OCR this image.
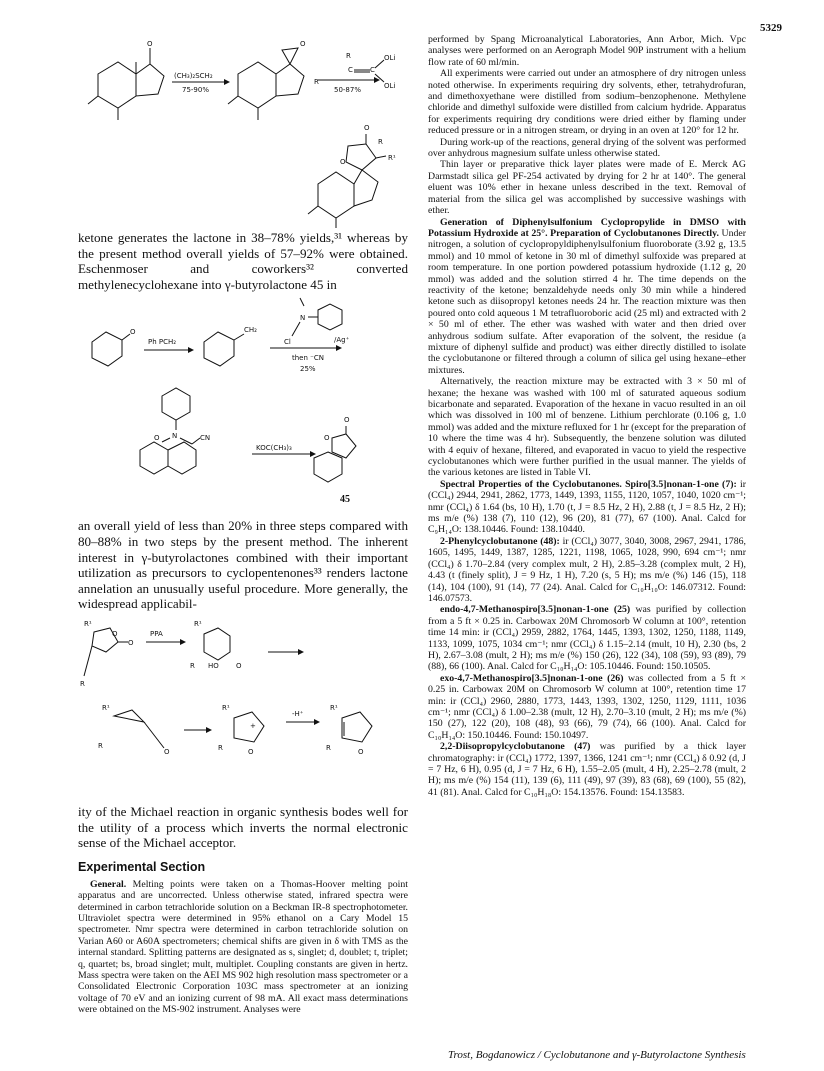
5329
O
(CH₃)₂SCH₂
75-90%
O
R
C C
OLi
OLi
R
50-87%
O
O
R
R¹

ketone generates the lactone in 38–78% yields,³¹ whereas by the present method overall yields of 57–92% were obtained. Eschenmoser and coworkers³² converted methylenecyclohexane into γ-butyrolactone 45 in

O
Ph PCH₂
CH₂
N
Cl	/Ag⁺
then ⁻CN
25%
N	CN
O
KOC(CH₃)₃
O
O
45

an overall yield of less than 20% in three steps compared with 80–88% in two steps by the present method. The inherent interest in γ-butyrolactones combined with their important utilization as precursors to cyclopentenones³³ renders lactone annelation an unusually useful procedure. More generally, the widespread applicabil-

R¹
O
O
R
PPA
R¹
R HO O
R¹
O
R
R¹
+
R	O
-H⁺
R¹
R	O

ity of the Michael reaction in organic synthesis bodes well for the utility of a process which inverts the normal electronic sense of the Michael acceptor.

Experimental Section

General. Melting points were taken on a Thomas-Hoover melting point apparatus and are uncorrected. Unless otherwise stated, infrared spectra were determined in carbon tetrachloride solution on a Beckman IR-8 spectrophotometer. Ultraviolet spectra were determined in 95% ethanol on a Cary Model 15 spectrometer. Nmr spectra were determined in carbon tetrachloride solution on Varian A60 or A60A spectrometers; chemical shifts are given in δ with TMS as the internal standard. Splitting patterns are designated as s, singlet; d, doublet; t, triplet; q, quartet; bs, broad singlet; mult, multiplet. Coupling constants are given in hertz. Mass spectra were taken on the AEI MS 902 high resolution mass spectrometer or a Consolidated Electronic Corporation 103C mass spectrometer at an ionizing voltage of 70 eV and an ionizing current of 98 mA. All exact mass determinations were obtained on the MS-902 instrument. Analyses were

performed by Spang Microanalytical Laboratories, Ann Arbor, Mich. Vpc analyses were performed on an Aerograph Model 90P instrument with a helium flow rate of 60 ml/min.

All experiments were carried out under an atmosphere of dry nitrogen unless noted otherwise. In experiments requiring dry solvents, ether, tetrahydrofuran, and dimethoxyethane were distilled from sodium–benzophenone. Methylene chloride and dimethyl sulfoxide were distilled from calcium hydride. Apparatus for experiments requiring dry conditions were dried either by flaming under reduced pressure or in a nitrogen stream, or drying in an oven at 120° for 12 hr.

During work-up of the reactions, general drying of the solvent was performed over anhydrous magnesium sulfate unless otherwise stated.

Thin layer or preparative thick layer plates were made of E. Merck AG Darmstadt silica gel PF-254 activated by drying for 2 hr at 140°. The general eluent was 10% ether in hexane unless described in the text. Removal of material from the silica gel was accomplished by successive washings with ether.

Generation of Diphenylsulfonium Cyclopropylide in DMSO with Potassium Hydroxide at 25°. Preparation of Cyclobutanones Directly. Under nitrogen, a solution of cyclopropyldiphenylsulfonium fluoroborate (3.92 g, 13.5 mmol) and 10 mmol of ketone in 30 ml of dimethyl sulfoxide was prepared at room temperature. In one portion powdered potassium hydroxide (1.12 g, 20 mmol) was added and the solution stirred 4 hr. The time depends on the reactivity of the ketone; benzaldehyde needs only 30 min while a hindered ketone such as diisopropyl ketones needs 24 hr. The reaction mixture was then poured onto cold aqueous 1 M tetrafluoroboric acid (25 ml) and extracted with 2 × 50 ml of ether. The ether was washed with water and then dried over anhydrous sodium sulfate. After evaporation of the solvent, the residue (a mixture of diphenyl sulfide and product) was either directly distilled to isolate the cyclobutanone or filtered through a column of silica gel using hexane–ether mixtures.

Alternatively, the reaction mixture may be extracted with 3 × 50 ml of hexane; the hexane was washed with 100 ml of saturated aqueous sodium bicarbonate and separated. Evaporation of the hexane in vacuo resulted in an oil which was dissolved in 100 ml of benzene. Lithium perchlorate (0.106 g, 1.0 mmol) was added and the mixture refluxed for 1 hr (except for the preparation of 10 where the time was 4 hr). Subsequently, the benzene solution was diluted with 4 equiv of hexane, filtered, and evaporated in vacuo to yield the respective cyclobutanones which were further purified in the usual manner. The yields of the various ketones are listed in Table VI.

Spectral Properties of the Cyclobutanones. Spiro[3.5]nonan-1-one (7): ir (CCl₄) 2944, 2941, 2862, 1773, 1449, 1393, 1155, 1120, 1057, 1040, 1020 cm⁻¹; nmr (CCl₄) δ 1.64 (bs, 10 H), 1.70 (t, J = 8.5 Hz, 2 H), 2.88 (t, J = 8.5 Hz, 2 H); ms m/e (%) 138 (7), 110 (12), 96 (20), 81 (77), 67 (100). Anal. Calcd for C₉H₁₄O: 138.10446. Found: 138.10440.

2-Phenylcyclobutanone (48): ir (CCl₄) 3077, 3040, 3008, 2967, 2941, 1786, 1605, 1495, 1449, 1387, 1285, 1221, 1198, 1065, 1028, 990, 694 cm⁻¹; nmr (CCl₄) δ 1.70–2.84 (very complex mult, 2 H), 2.85–3.28 (complex mult, 2 H), 4.43 (t (finely split), J = 9 Hz, 1 H), 7.20 (s, 5 H); ms m/e (%) 146 (15), 118 (14), 104 (100), 91 (14), 77 (24). Anal. Calcd for C₁₀H₁₀O: 146.07312. Found: 146.07573.

endo-4,7-Methanospiro[3.5]nonan-1-one (25) was purified by collection from a 5 ft × 0.25 in. Carbowax 20M Chromosorb W column at 100°, retention time 14 min: ir (CCl₄) 2959, 2882, 1764, 1445, 1393, 1302, 1250, 1188, 1149, 1133, 1099, 1075, 1034 cm⁻¹; nmr (CCl₄) δ 1.15–2.14 (mult, 10 H), 2.30 (bs, 2 H), 2.67–3.08 (mult, 2 H); ms m/e (%) 150 (26), 122 (34), 108 (59), 93 (89), 79 (88), 66 (100). Anal. Calcd for C₁₀H₁₄O: 105.10446. Found: 150.10505.

exo-4,7-Methanospiro[3.5]nonan-1-one (26) was collected from a 5 ft × 0.25 in. Carbowax 20M on Chromosorb W column at 100°, retention time 17 min: ir (CCl₄) 2960, 2880, 1773, 1443, 1393, 1302, 1250, 1129, 1111, 1036 cm⁻¹; nmr (CCl₄) δ 1.00–2.38 (mult, 12 H), 2.70–3.10 (mult, 2 H); ms m/e (%) 150 (27), 122 (20), 108 (48), 93 (66), 79 (74), 66 (100). Anal. Calcd for C₁₀H₁₄O: 150.10446. Found: 150.10497.

2,2-Diisopropylcyclobutanone (47) was purified by a thick layer chromatography: ir (CCl₄) 1772, 1397, 1366, 1241 cm⁻¹; nmr (CCl₄) δ 0.92 (d, J = 7 Hz, 6 H), 0.95 (d, J = 7 Hz, 6 H), 1.55–2.05 (mult, 4 H), 2.25–2.78 (mult, 2 H); ms m/e (%) 154 (11), 139 (6), 111 (49), 97 (39), 83 (68), 69 (100), 55 (82), 41 (81). Anal. Calcd for C₁₀H₁₈O: 154.13576. Found: 154.13583.

Trost, Bogdanowicz / Cyclobutanone and γ-Butyrolactone Synthesis
